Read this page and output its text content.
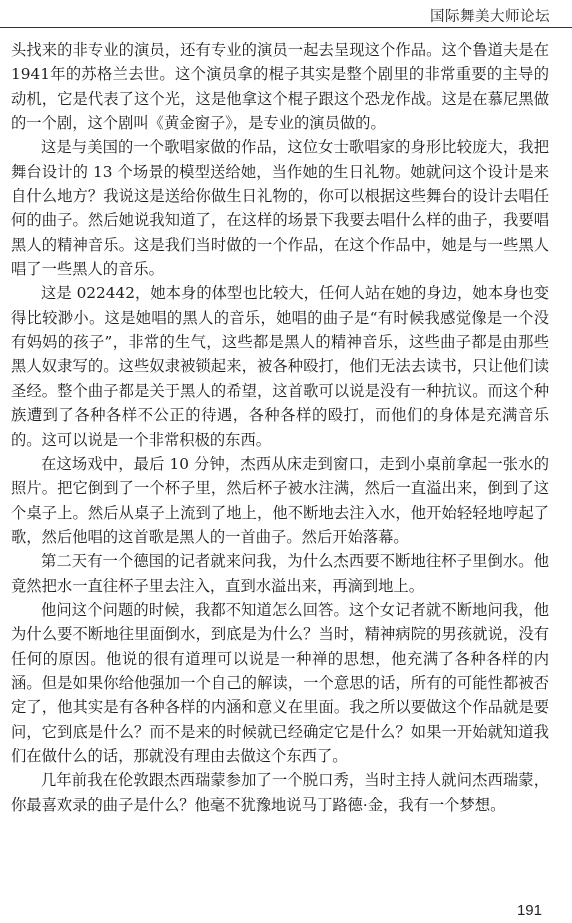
国际舞美大师论坛

头找来的非专业的演员，还有专业的演员一起去呈现这个作品。这个鲁道夫是在1941年的苏格兰去世。这个演员拿的棍子其实是整个剧里的非常重要的主导的动机，它是代表了这个光，这是他拿这个棍子跟这个恐龙作战。这是在慕尼黑做的一个剧，这个剧叫《黄金窗子》，是专业的演员做的。

这是与美国的一个歌唱家做的作品，这位女士歌唱家的身形比较庞大，我把舞台设计的 13 个场景的模型送给她，当作她的生日礼物。她就问这个设计是来自什么地方？我说这是送给你做生日礼物的，你可以根据这些舞台的设计去唱任何的曲子。然后她说我知道了，在这样的场景下我要去唱什么样的曲子，我要唱黑人的精神音乐。这是我们当时做的一个作品，在这个作品中，她是与一些黑人唱了一些黑人的音乐。

这是 022442，她本身的体型也比较大，任何人站在她的身边，她本身也变得比较渺小。这是她唱的黑人的音乐，她唱的曲子是“有时候我感觉像是一个没有妈妈的孩子”，非常的生气，这些都是黑人的精神音乐，这些曲子都是由那些黑人奴隶写的。这些奴隶被锁起来，被各种殴打，他们无法去读书，只让他们读圣经。整个曲子都是关于黑人的希望，这首歌可以说是没有一种抗议。而这个种族遭到了各种各样不公正的待遇，各种各样的殴打，而他们的身体是充满音乐的。这可以说是一个非常积极的东西。

在这场戏中，最后 10 分钟，杰西从床走到窗口，走到小桌前拿起一张水的照片。把它倒到了一个杯子里，然后杯子被水注满，然后一直溢出来，倒到了这个桌子上。然后从桌子上流到了地上，他不断地去注入水，他开始轻轻地哼起了歌，然后他唱的这首歌是黑人的一首曲子。然后开始落幕。

第二天有一个德国的记者就来问我，为什么杰西要不断地往杯子里倒水。他竟然把水一直往杯子里去注入，直到水溢出来，再滴到地上。

他问这个问题的时候，我都不知道怎么回答。这个女记者就不断地问我，他为什么要不断地往里面倒水，到底是为什么？当时，精神病院的男孩就说，没有任何的原因。他说的很有道理可以说是一种禅的思想，他充满了各种各样的内涵。但是如果你给他强加一个自己的解读，一个意思的话，所有的可能性都被否定了，他其实是有各种各样的内涵和意义在里面。我之所以要做这个作品就是要问，它到底是什么？而不是来的时候就已经确定它是什么？如果一开始就知道我们在做什么的话，那就没有理由去做这个东西了。

几年前我在伦敦跟杰西瑞蒙参加了一个脱口秀，当时主持人就问杰西瑞蒙，你最喜欢录的曲子是什么？他毫不犹豫地说马丁路德·金，我有一个梦想。

191
